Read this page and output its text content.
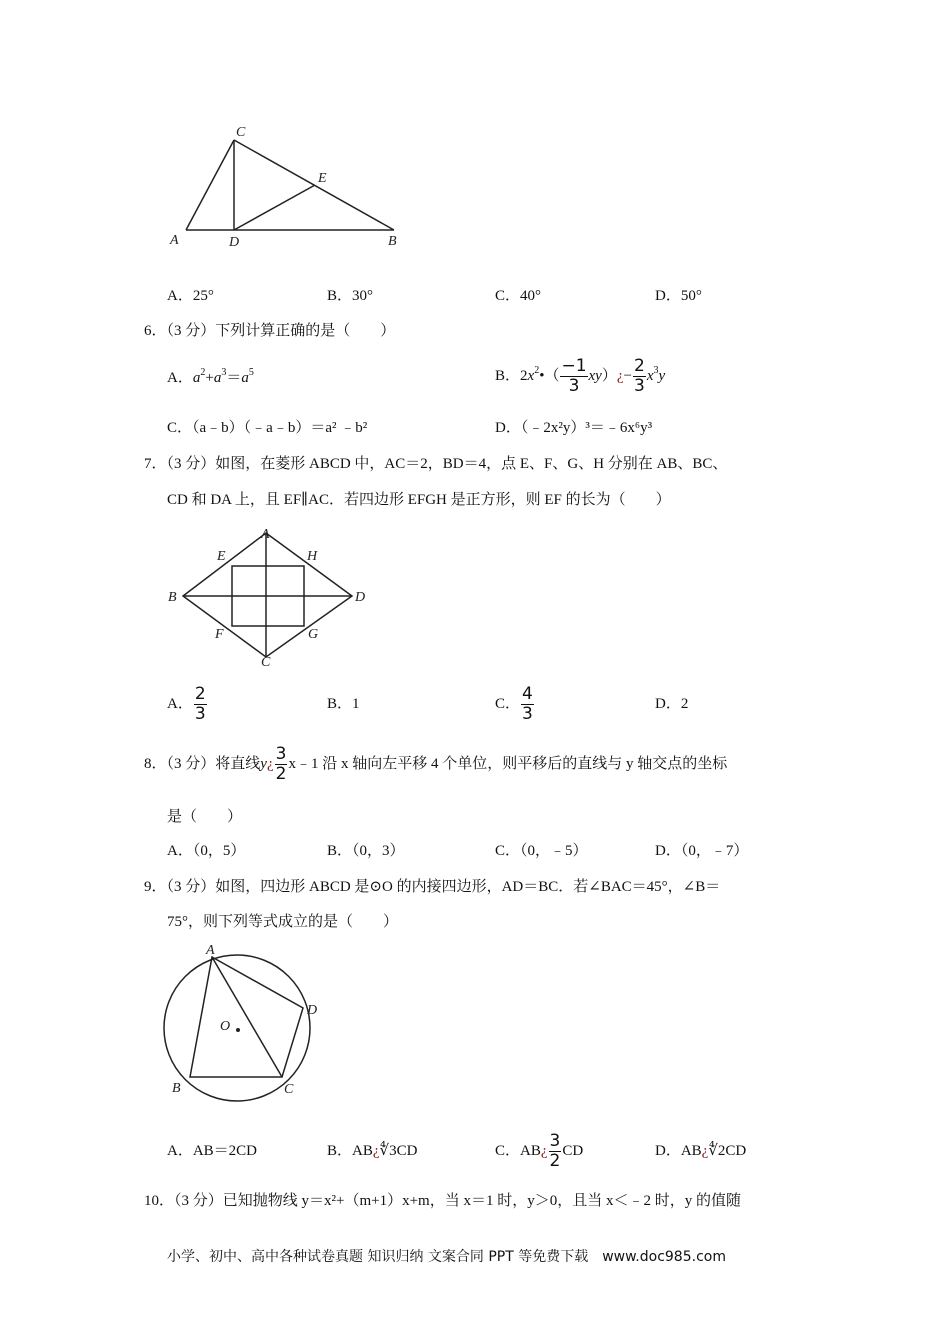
C
E
A	D	B
A
E	H
B	D
F	G
C
A
D
O
B	C
A．25°	B．30°	C．40°	D．50°
6．（3 分）下列计算正确的是（　　）
A．$a^2+a^3=a^5$	B．$2x^2•( \frac{-1}{3}$ xy）¿− $\frac{2}{3} x^3y$
C．（a﹣b）（﹣a﹣b）＝a² ﹣b²	D．（﹣2x²y）³＝﹣6x⁶y³
7．（3 分）如图，在菱形 ABCD 中，AC＝2，BD＝4，点 E、F、G、H 分别在 AB、BC、
CD 和 DA 上，且 EF∥AC．若四边形 EFGH 是正方形，则 EF 的长为（　　）
A． $\frac{2}{3}$	B．1	C． $\frac{4}{3}$	D．2
8．（3 分）将直线y¿ $\frac{3}{2}$ x﹣1 沿 x 轴向左平移 4 个单位，则平移后的直线与 y 轴交点的坐标
是（　　）
A．（0，5）	B．（0，3）	C．（0，﹣5）	D．（0，﹣7）
9．（3 分）如图，四边形 ABCD 是⊙O 的内接四边形，AD＝BC．若∠BAC＝45°，∠B＝
75°，则下列等式成立的是（　　）
A．AB＝2CD	B．AB¿∜3CD	C．AB¿ $\frac{3}{2}$ CD	D．AB¿∜2CD
10．（3 分）已知抛物线 y＝x²+（m+1）x+m，当 x＝1 时，y＞0，且当 x＜﹣2 时，y 的值随
小学、初中、高中各种试卷真题 知识归纳 文案合同 PPT 等免费下载　www.doc985.com
